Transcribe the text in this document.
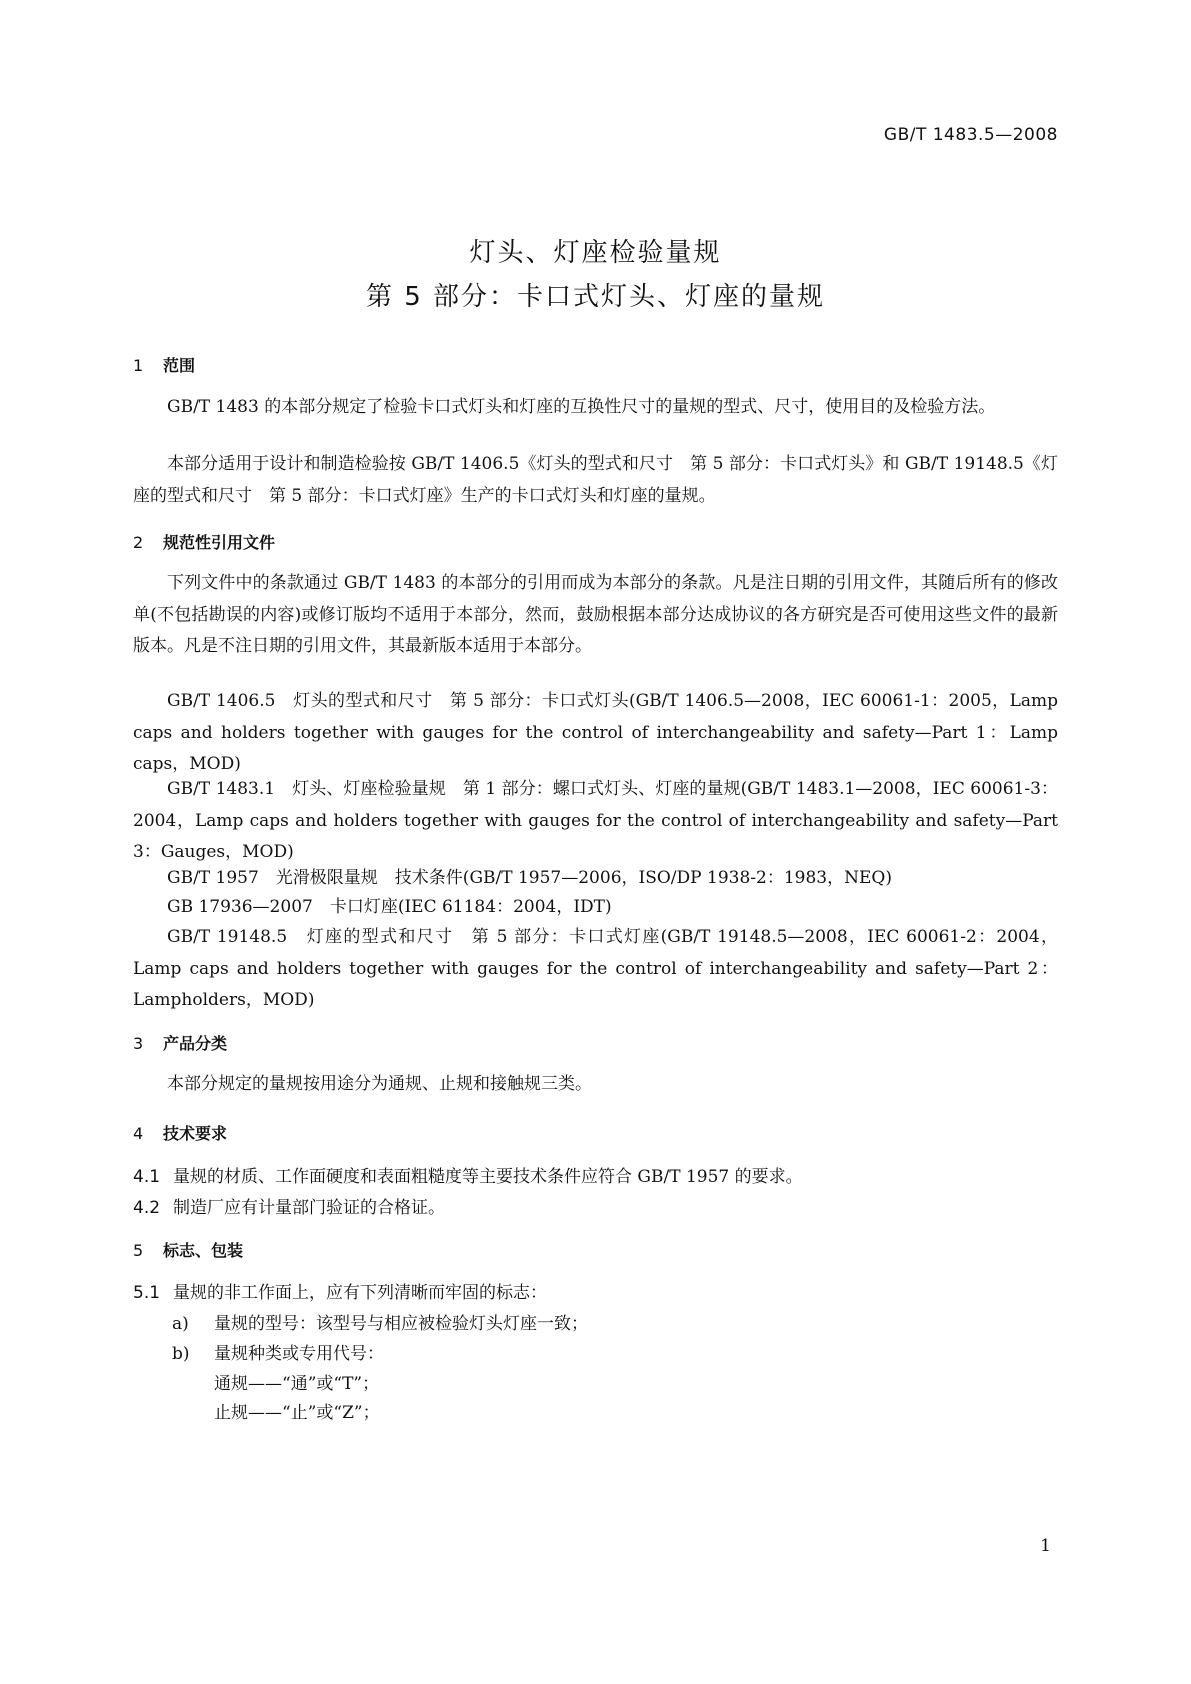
GB/T 1483.5—2008
灯头、灯座检验量规
第 5 部分：卡口式灯头、灯座的量规
1 范围
GB/T 1483 的本部分规定了检验卡口式灯头和灯座的互换性尺寸的量规的型式、尺寸，使用目的及检验方法。
本部分适用于设计和制造检验按 GB/T 1406.5《灯头的型式和尺寸　第 5 部分：卡口式灯头》和 GB/T 19148.5《灯座的型式和尺寸　第 5 部分：卡口式灯座》生产的卡口式灯头和灯座的量规。
2 规范性引用文件
下列文件中的条款通过 GB/T 1483 的本部分的引用而成为本部分的条款。凡是注日期的引用文件，其随后所有的修改单(不包括勘误的内容)或修订版均不适用于本部分，然而，鼓励根据本部分达成协议的各方研究是否可使用这些文件的最新版本。凡是不注日期的引用文件，其最新版本适用于本部分。
GB/T 1406.5　灯头的型式和尺寸　第 5 部分：卡口式灯头(GB/T 1406.5—2008，IEC 60061-1：2005，Lamp caps and holders together with gauges for the control of interchangeability and safety—Part 1：Lamp caps，MOD)
GB/T 1483.1　灯头、灯座检验量规　第 1 部分：螺口式灯头、灯座的量规(GB/T 1483.1—2008，IEC 60061-3：2004，Lamp caps and holders together with gauges for the control of interchangeability and safety—Part 3：Gauges，MOD)
GB/T 1957　光滑极限量规　技术条件(GB/T 1957—2006，ISO/DP 1938-2：1983，NEQ)
GB 17936—2007　卡口灯座(IEC 61184：2004，IDT)
GB/T 19148.5　灯座的型式和尺寸　第 5 部分：卡口式灯座(GB/T 19148.5—2008，IEC 60061-2：2004，Lamp caps and holders together with gauges for the control of interchangeability and safety—Part 2：Lampholders，MOD)
3 产品分类
本部分规定的量规按用途分为通规、止规和接触规三类。
4 技术要求
4.1 量规的材质、工作面硬度和表面粗糙度等主要技术条件应符合 GB/T 1957 的要求。
4.2 制造厂应有计量部门验证的合格证。
5 标志、包装
5.1 量规的非工作面上，应有下列清晰而牢固的标志：
a) 量规的型号：该型号与相应被检验灯头灯座一致；
b) 量规种类或专用代号：
通规——“通”或“T”；
止规——“止”或“Z”；
1
